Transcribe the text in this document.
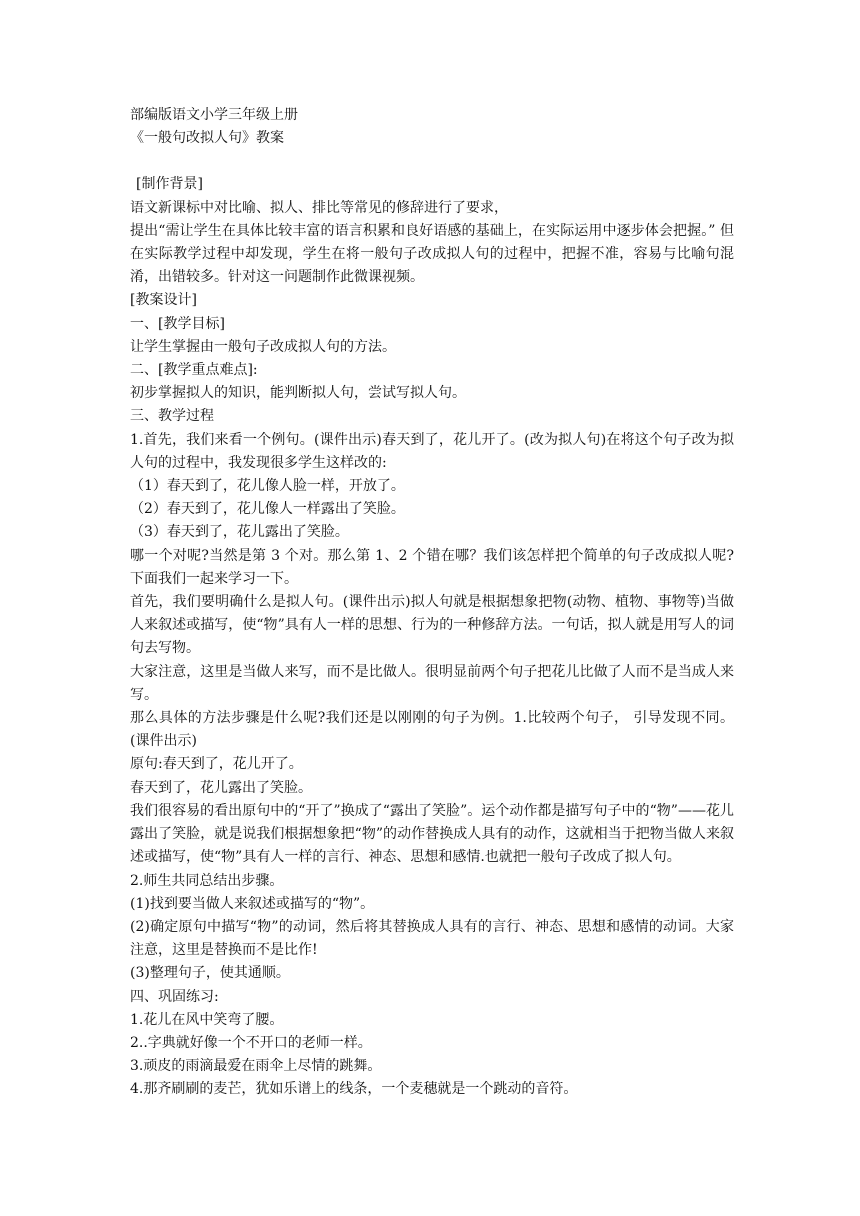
部编版语文小学三年级上册

《一般句改拟人句》教案

[制作背景]

语文新课标中对比喻、拟人、排比等常见的修辞进行了要求，

提出“需让学生在具体比较丰富的语言积累和良好语感的基础上，在实际运用中逐步体会把握。” 但在实际教学过程中却发现，学生在将一般句子改成拟人句的过程中，把握不准，容易与比喻句混淆，出错较多。针对这一问题制作此微课视频。

[教案设计]

一、[教学目标]

让学生掌握由一般句子改成拟人句的方法。

二、[教学重点难点]:

初步掌握拟人的知识，能判断拟人句，尝试写拟人句。

三、教学过程

1.首先，我们来看一个例句。(课件出示)春天到了，花儿开了。(改为拟人句)在将这个句子改为拟人句的过程中，我发现很多学生这样改的:

（1）春天到了，花儿像人脸一样，开放了。

（2）春天到了，花儿像人一样露出了笑脸。

（3）春天到了，花儿露出了笑脸。

哪一个对呢?当然是第 3 个对。那么第 1、2 个错在哪？我们该怎样把个简单的句子改成拟人呢?下面我们一起来学习一下。

首先，我们要明确什么是拟人句。(课件出示)拟人句就是根据想象把物(动物、植物、事物等)当做人来叙述或描写，使“物”具有人一样的思想、行为的一种修辞方法。一句话，拟人就是用写人的词句去写物。

大家注意，这里是当做人来写，而不是比做人。很明显前两个句子把花儿比做了人而不是当成人来写。

那么具体的方法步骤是什么呢?我们还是以刚刚的句子为例。1.比较两个句子， 引导发现不同。(课件出示)

原句:春天到了，花儿开了。

春天到了，花儿露出了笑脸。

我们很容易的看出原句中的“开了”换成了“露出了笑脸”。运个动作都是描写句子中的“物”——花儿露出了笑脸，就是说我们根据想象把“物”的动作替换成人具有的动作，这就相当于把物当做人来叙述或描写，使“物”具有人一样的言行、神态、思想和感情.也就把一般句子改成了拟人句。

2.师生共同总结出步骤。

(1)找到要当做人来叙述或描写的“物”。

(2)确定原句中描写“物”的动词，然后将其替换成人具有的言行、神态、思想和感情的动词。大家注意，这里是替换而不是比作!

(3)整理句子，使其通顺。

四、巩固练习:

1.花儿在风中笑弯了腰。

2..字典就好像一个不开口的老师一样。

3.顽皮的雨滴最爱在雨伞上尽情的跳舞。

4.那齐刷刷的麦芒，犹如乐谱上的线条，一个麦穗就是一个跳动的音符。
